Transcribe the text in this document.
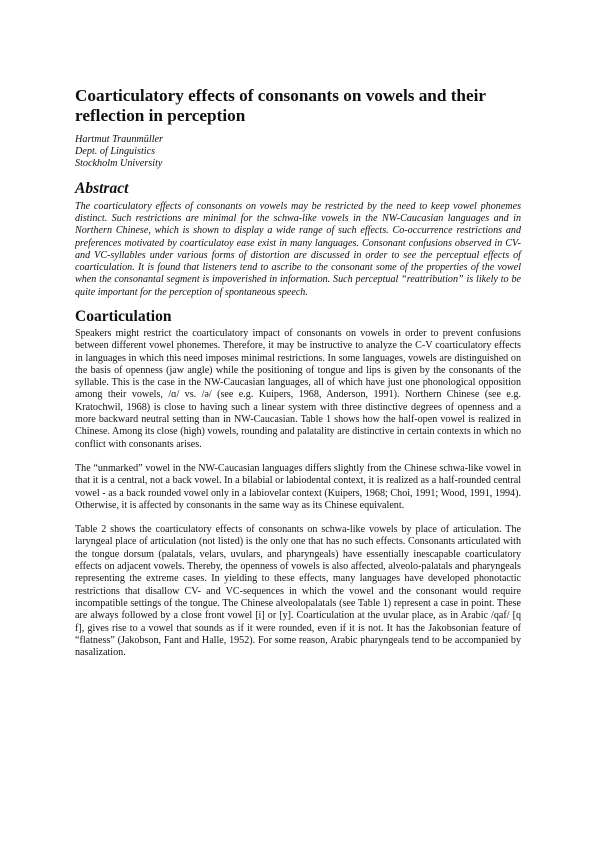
Coarticulatory effects of consonants on vowels and their reflection in perception

Hartmut Traunmüller

Dept. of Linguistics

Stockholm University

Abstract

The coarticulatory effects of consonants on vowels may be restricted by the need to keep vowel phonemes distinct. Such restrictions are minimal for the schwa-like vowels in the NW-Caucasian languages and in Northern Chinese, which is shown to display a wide range of such effects. Co-occurrence restrictions and preferences motivated by coarticulatoy ease exist in many languages. Consonant confusions observed in CV- and VC-syllables under various forms of distortion are discussed in order to see the perceptual effects of coarticulation. It is found that listeners tend to ascribe to the consonant some of the properties of the vowel when the consonantal segment is impoverished in information. Such perceptual “reattribution” is likely to be quite important for the perception of spontaneous speech.

Coarticulation

Speakers might restrict the coarticulatory impact of consonants on vowels in order to prevent confusions between different vowel phonemes. Therefore, it may be instructive to analyze the C-V coarticulatory effects in languages in which this need imposes minimal restrictions. In some languages, vowels are distinguished on the basis of openness (jaw angle) while the positioning of tongue and lips is given by the consonants of the syllable. This is the case in the NW-Caucasian languages, all of which have just one phonological opposition among their vowels, /ɑ/ vs. /ə/ (see e.g. Kuipers, 1968, Anderson, 1991). Northern Chinese (see e.g. Kratochwil, 1968) is close to having such a linear system with three distinctive degrees of openness and a more backward neutral setting than in NW-Caucasian. Table 1 shows how the half-open vowel is realized in Chinese. Among its close (high) vowels, rounding and palatality are distinctive in certain contexts in which no conflict with consonants arises.

The “unmarked” vowel in the NW-Caucasian languages differs slightly from the Chinese schwa-like vowel in that it is a central, not a back vowel. In a bilabial or labiodental context, it is realized as a half-rounded central vowel - as a back rounded vowel only in a labiovelar context (Kuipers, 1968; Choi, 1991; Wood, 1991, 1994). Otherwise, it is affected by consonants in the same way as its Chinese equivalent.

Table 2 shows the coarticulatory effects of consonants on schwa-like vowels by place of articulation. The laryngeal place of articulation (not listed) is the only one that has no such effects. Consonants articulated with the tongue dorsum (palatals, velars, uvulars, and pharyngeals) have essentially inescapable coarticulatory effects on adjacent vowels. Thereby, the openness of vowels is also affected, alveolo-palatals and pharyngeals representing the extreme cases. In yielding to these effects, many languages have developed phonotactic restrictions that disallow CV- and VC-sequences in which the vowel and the consonant would require incompatible settings of the tongue. The Chinese alveolopalatals (see Table 1) represent a case in point. These are always followed by a close front vowel [i] or [y]. Coarticulation at the uvular place, as in Arabic /qaf/ [q f], gives rise to a vowel that sounds as if it were rounded, even if it is not. It has the Jakobsonian feature of “flatness” (Jakobson, Fant and Halle, 1952). For some reason, Arabic pharyngeals tend to be accompanied by nasalization.
